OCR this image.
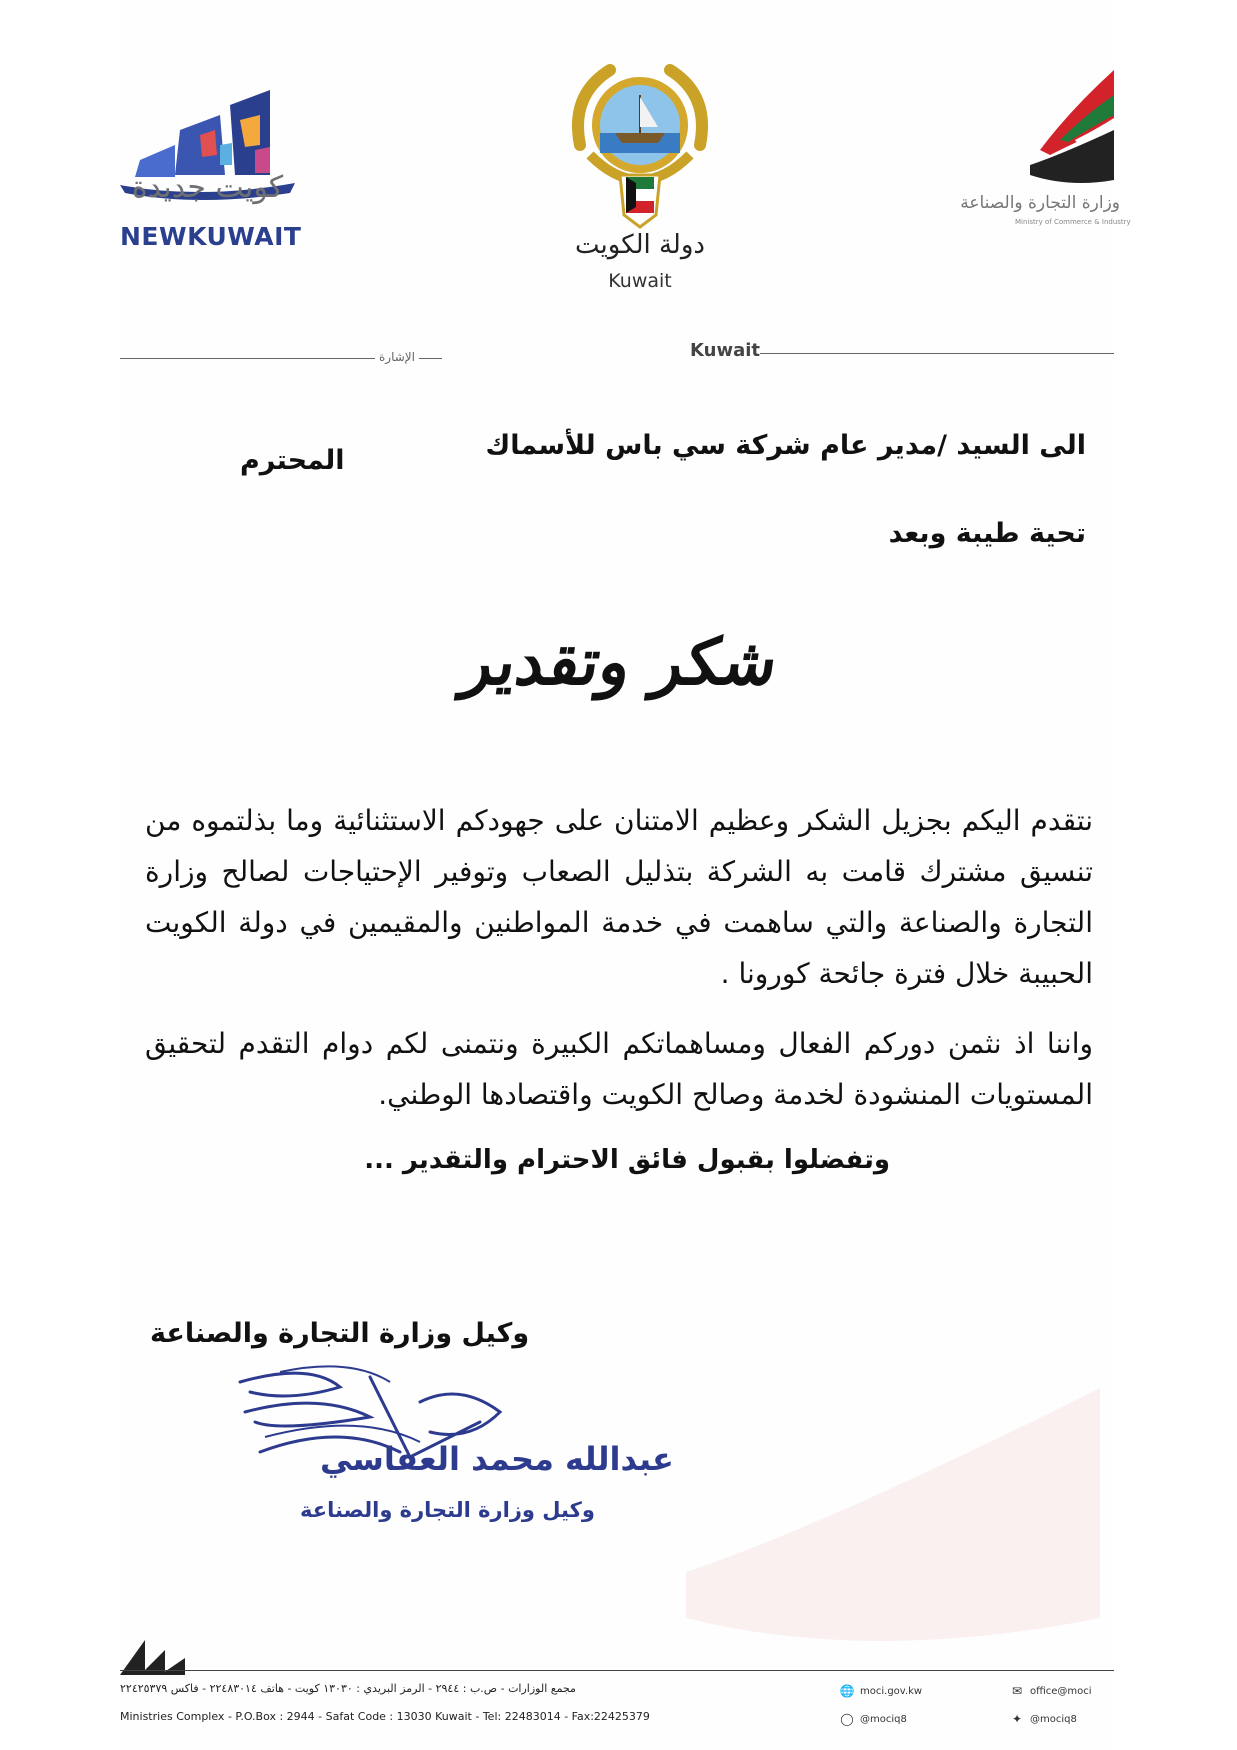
كويت جديدة
NEWKUWAIT	دولة الكويت
Kuwait
وزارة التجارة والصناعة
Ministry of Commerce & Industry
الإشارة	Kuwait
الى السيد /مدير عام شركة سي باس للأسماك
المحترم
تحية طيبة وبعد
شكر وتقدير
نتقدم اليكم بجزيل الشكر وعظيم الامتنان على جهودكم الاستثنائية وما بذلتموه من تنسيق مشترك قامت به الشركة بتذليل الصعاب وتوفير الإحتياجات لصالح وزارة التجارة والصناعة والتي ساهمت في خدمة المواطنين والمقيمين في دولة الكويت الحبيبة خلال فترة جائحة كورونا .
واننا اذ نثمن دوركم الفعال ومساهماتكم الكبيرة ونتمنى لكم دوام التقدم لتحقيق المستويات المنشودة لخدمة وصالح الكويت واقتصادها الوطني.
وتفضلوا بقبول فائق الاحترام والتقدير ...
وكيل وزارة التجارة والصناعة
عبدالله محمد العفاسي
وكيل وزارة التجارة والصناعة
مجمع الوزارات - ص.ب : ٢٩٤٤ - الرمز البريدي : ١٣٠٣٠ كويت - هاتف ٢٢٤٨٣٠١٤ - فاكس ٢٢٤٢٥٣٧٩
Ministries Complex - P.O.Box : 2944 - Safat Code : 13030 Kuwait - Tel: 22483014 - Fax:22425379
🌐 moci.gov.kw
◯ @mociq8
✉ office@moci
✦ @mociq8
